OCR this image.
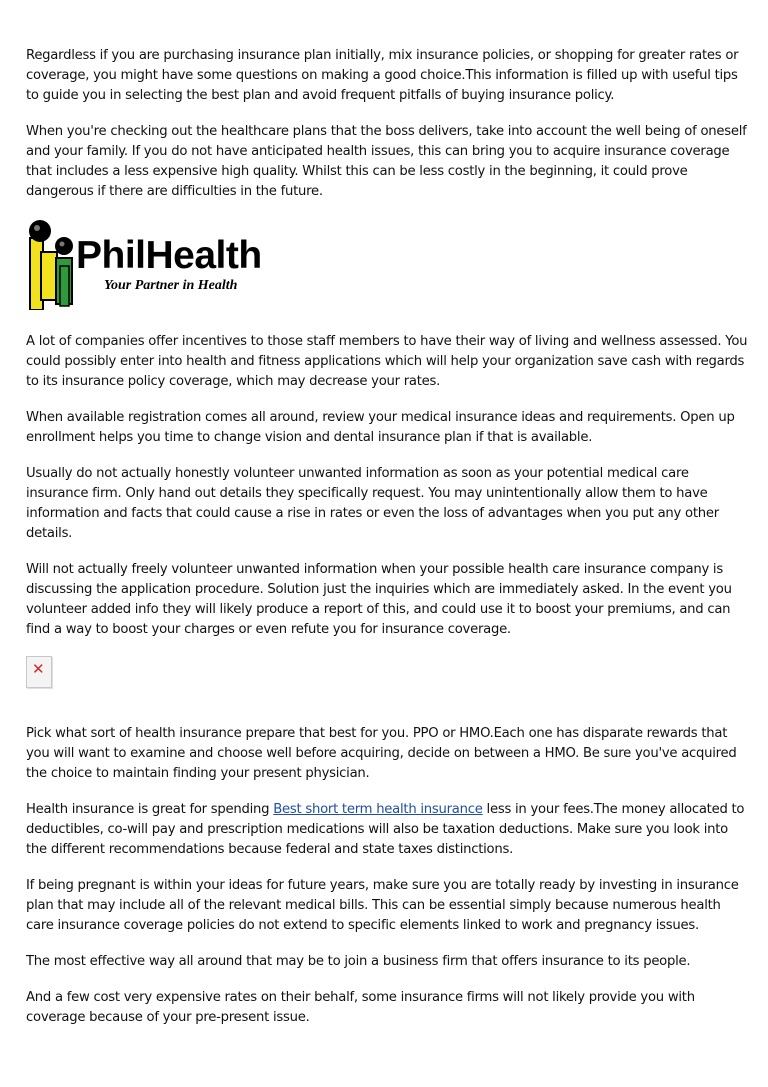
Regardless if you are purchasing insurance plan initially, mix insurance policies, or shopping for greater rates or coverage, you might have some questions on making a good choice.This information is filled up with useful tips to guide you in selecting the best plan and avoid frequent pitfalls of buying insurance policy.

When you're checking out the healthcare plans that the boss delivers, take into account the well being of oneself and your family. If you do not have anticipated health issues, this can bring you to acquire insurance coverage that includes a less expensive high quality. Whilst this can be less costly in the beginning, it could prove dangerous if there are difficulties in the future.

PhilHealth
Your Partner in Health

A lot of companies offer incentives to those staff members to have their way of living and wellness assessed. You could possibly enter into health and fitness applications which will help your organization save cash with regards to its insurance policy coverage, which may decrease your rates.

When available registration comes all around, review your medical insurance ideas and requirements. Open up enrollment helps you time to change vision and dental insurance plan if that is available.

Usually do not actually honestly volunteer unwanted information as soon as your potential medical care insurance firm. Only hand out details they specifically request. You may unintentionally allow them to have information and facts that could cause a rise in rates or even the loss of advantages when you put any other details.

Will not actually freely volunteer unwanted information when your possible health care insurance company is discussing the application procedure. Solution just the inquiries which are immediately asked. In the event you volunteer added info they will likely produce a report of this, and could use it to boost your premiums, and can find a way to boost your charges or even refute you for insurance coverage.

✕

Pick what sort of health insurance prepare that best for you. PPO or HMO.Each one has disparate rewards that you will want to examine and choose well before acquiring, decide on between a HMO. Be sure you've acquired the choice to maintain finding your present physician.

Health insurance is great for spending Best short term health insurance less in your fees.The money allocated to deductibles, co-will pay and prescription medications will also be taxation deductions. Make sure you look into the different recommendations because federal and state taxes distinctions.

If being pregnant is within your ideas for future years, make sure you are totally ready by investing in insurance plan that may include all of the relevant medical bills. This can be essential simply because numerous health care insurance coverage policies do not extend to specific elements linked to work and pregnancy issues.

The most effective way all around that may be to join a business firm that offers insurance to its people.

And a few cost very expensive rates on their behalf, some insurance firms will not likely provide you with coverage because of your pre-present issue.
